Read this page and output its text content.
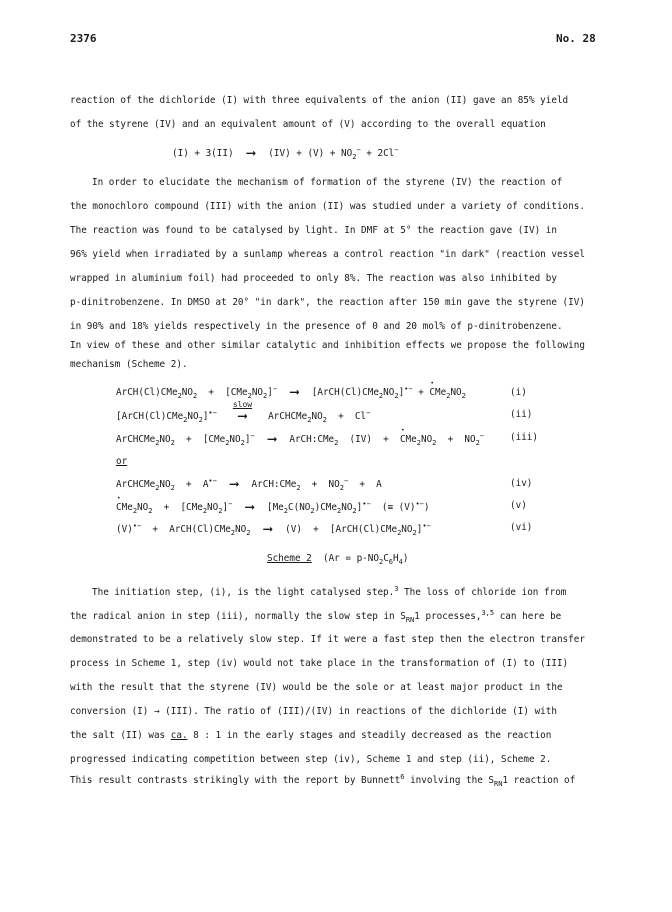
2376	No. 28
reaction of the dichloride (I) with three equivalents of the anion (II) gave an 85% yield
of the styrene (IV) and an equivalent amount of (V) according to the overall equation
(I) + 3(II)  ⟶  $(IV) + (V) + NO_2^- + 2Cl^-$
In order to elucidate the mechanism of formation of the styrene (IV) the reaction of
the monochloro compound (III) with the anion (II) was studied under a variety of conditions.
The reaction was found to be catalysed by light. In DMF at 5° the reaction gave (IV) in
96% yield when irradiated by a sunlamp whereas a control reaction "in dark" (reaction vessel
wrapped in aluminium foil) had proceeded to only 8%. The reaction was also inhibited by
p-dinitrobenzene. In DMSO at 20° "in dark", the reaction after 150 min gave the styrene (IV)
in 90% and 18% yields respectively in the presence of 0 and 20 mol% of p-dinitrobenzene.
In view of these and other similar catalytic and inhibition effects we propose the following
mechanism (Scheme 2).
$ArCH(Cl)CMe_2NO_2 + [CMe_2NO_2]^-$  ⟶  $[ArCH(Cl)CMe_2NO_2]^{•-}$ + • $CMe_2NO_2$	(i)
$[ArCH(Cl)CMe_2NO_2]^{•-}$
slow
⟶ $ArCHCMe_2NO_2 + Cl^-$	(ii)
$ArCHCMe_2NO_2 + [CMe_2NO_2]^-$  ⟶  ArCH:CMe$_2$  (IV)  +  • $CMe_2NO_2 + NO_2^-$	(iii)
or
$ArCHCMe_2NO_2 + A^{•-}$  ⟶  ArCH:CMe$_2$  +  $NO_2^- + A$	(iv)
• $CMe_2NO_2 + [CMe_2NO_2]^-$  ⟶  $[Me_2C(NO_2)CMe_2NO_2]^{•-}$  (≡ (V)•−)	(v)
$(V)^{•-} + ArCH(Cl)CMe_2NO_2$  ⟶  $(V) + [ArCH(Cl)CMe_2NO_2]^{•-}$	(vi)
Scheme 2 $(Ar = p-NO_2C_6H_4)$
The initiation step, (i), is the light catalysed step.$^3$ The loss of chloride ion from
the radical anion in step (iii), normally the slow step in $S_{RN}1$ processes,$^{3,5}$ can here be
demonstrated to be a relatively slow step. If it were a fast step then the electron transfer
process in Scheme 1, step (iv) would not take place in the transformation of (I) to (III)
with the result that the styrene (IV) would be the sole or at least major product in the
conversion (I) → (III). The ratio of (III)/(IV) in reactions of the dichloride (I) with
the salt (II) was ca. 8 : 1 in the early stages and steadily decreased as the reaction
progressed indicating competition between step (iv), Scheme 1 and step (ii), Scheme 2.
This result contrasts strikingly with the report by Bunnett$^6$ involving the $S_{RN}1$ reaction of
